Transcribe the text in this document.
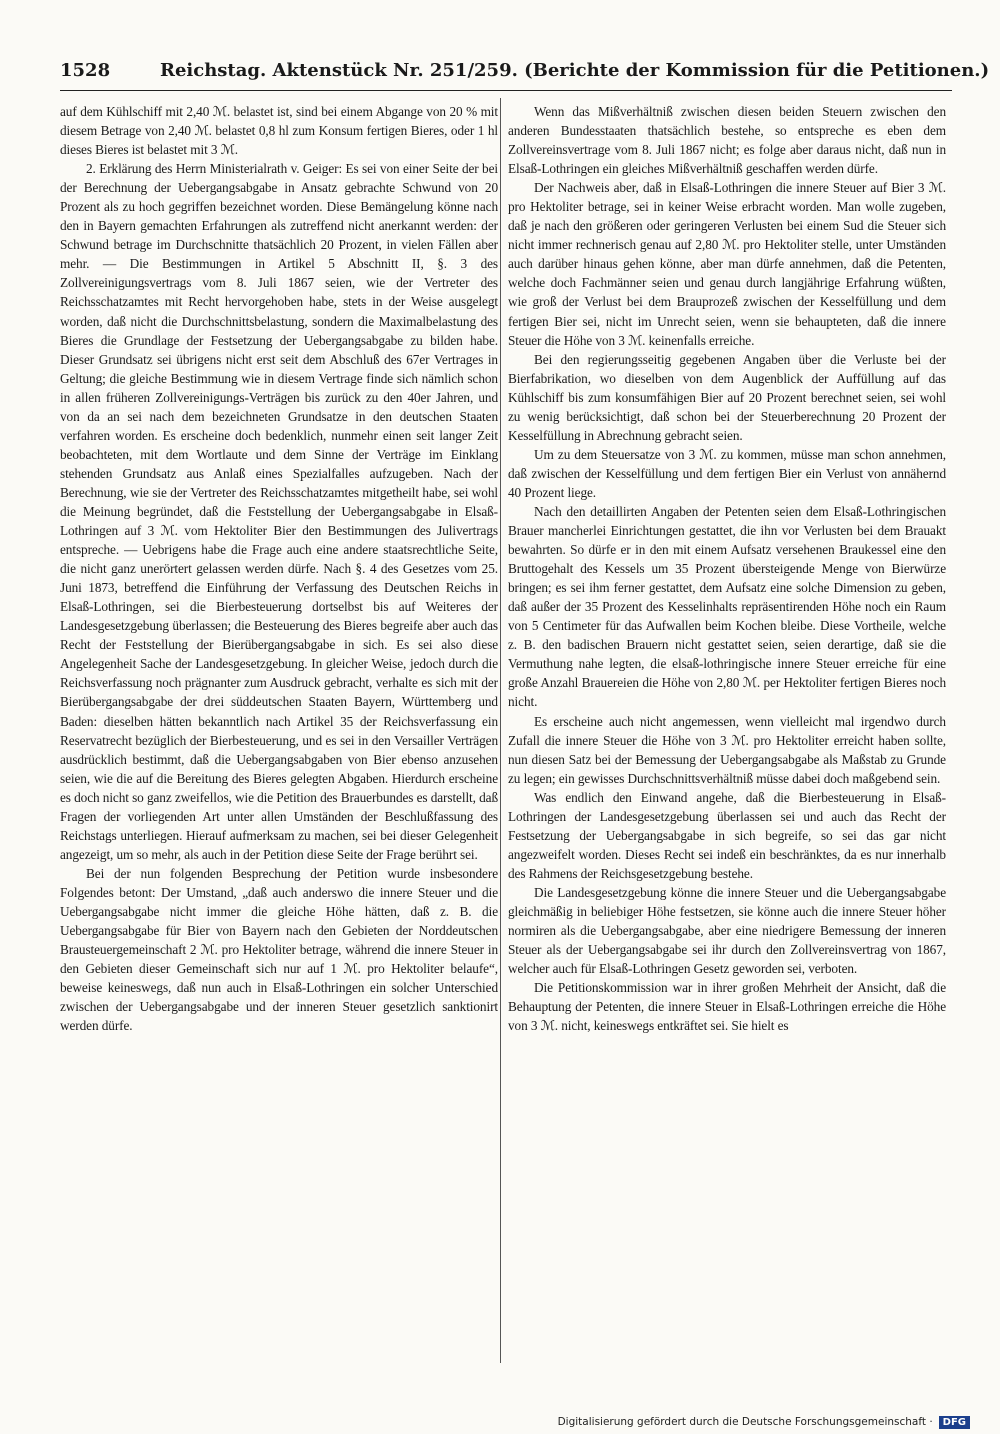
1528	Reichstag. Aktenstück Nr. 251/259. (Berichte der Kommission für die Petitionen.)

auf dem Kühlschiff mit 2,40 ℳ. belastet ist, sind bei einem Abgange von 20 % mit diesem Betrage von 2,40 ℳ. belastet 0,8 hl zum Konsum fertigen Bieres, oder 1 hl dieses Bieres ist belastet mit 3 ℳ.

2. Erklärung des Herrn Ministerialrath v. Geiger: Es sei von einer Seite der bei der Berechnung der Uebergangsabgabe in Ansatz gebrachte Schwund von 20 Prozent als zu hoch gegriffen bezeichnet worden. Diese Bemängelung könne nach den in Bayern gemachten Erfahrungen als zutreffend nicht anerkannt werden: der Schwund betrage im Durchschnitte thatsächlich 20 Prozent, in vielen Fällen aber mehr. — Die Bestimmungen in Artikel 5 Abschnitt II, §. 3 des Zollvereinigungsvertrags vom 8. Juli 1867 seien, wie der Vertreter des Reichsschatzamtes mit Recht hervorgehoben habe, stets in der Weise ausgelegt worden, daß nicht die Durchschnittsbelastung, sondern die Maximalbelastung des Bieres die Grundlage der Festsetzung der Uebergangsabgabe zu bilden habe. Dieser Grundsatz sei übrigens nicht erst seit dem Abschluß des 67er Vertrages in Geltung; die gleiche Bestimmung wie in diesem Vertrage finde sich nämlich schon in allen früheren Zollvereinigungs-Verträgen bis zurück zu den 40er Jahren, und von da an sei nach dem bezeichneten Grundsatze in den deutschen Staaten verfahren worden. Es erscheine doch bedenklich, nunmehr einen seit langer Zeit beobachteten, mit dem Wortlaute und dem Sinne der Verträge im Einklang stehenden Grundsatz aus Anlaß eines Spezialfalles aufzugeben. Nach der Berechnung, wie sie der Vertreter des Reichsschatzamtes mitgetheilt habe, sei wohl die Meinung begründet, daß die Feststellung der Uebergangsabgabe in Elsaß-Lothringen auf 3 ℳ. vom Hektoliter Bier den Bestimmungen des Julivertrags entspreche. — Uebrigens habe die Frage auch eine andere staatsrechtliche Seite, die nicht ganz unerörtert gelassen werden dürfe. Nach §. 4 des Gesetzes vom 25. Juni 1873, betreffend die Einführung der Verfassung des Deutschen Reichs in Elsaß-Lothringen, sei die Bierbesteuerung dortselbst bis auf Weiteres der Landesgesetzgebung überlassen; die Besteuerung des Bieres begreife aber auch das Recht der Feststellung der Bierübergangsabgabe in sich. Es sei also diese Angelegenheit Sache der Landesgesetzgebung. In gleicher Weise, jedoch durch die Reichsverfassung noch prägnanter zum Ausdruck gebracht, verhalte es sich mit der Bierübergangsabgabe der drei süddeutschen Staaten Bayern, Württemberg und Baden: dieselben hätten bekanntlich nach Artikel 35 der Reichsverfassung ein Reservatrecht bezüglich der Bierbesteuerung, und es sei in den Versailler Verträgen ausdrücklich bestimmt, daß die Uebergangsabgaben von Bier ebenso anzusehen seien, wie die auf die Bereitung des Bieres gelegten Abgaben. Hierdurch erscheine es doch nicht so ganz zweifellos, wie die Petition des Brauerbundes es darstellt, daß Fragen der vorliegenden Art unter allen Umständen der Beschlußfassung des Reichstags unterliegen. Hierauf aufmerksam zu machen, sei bei dieser Gelegenheit angezeigt, um so mehr, als auch in der Petition diese Seite der Frage berührt sei.

Bei der nun folgenden Besprechung der Petition wurde insbesondere Folgendes betont: Der Umstand, „daß auch anderswo die innere Steuer und die Uebergangsabgabe nicht immer die gleiche Höhe hätten, daß z. B. die Uebergangsabgabe für Bier von Bayern nach den Gebieten der Norddeutschen Brausteuergemeinschaft 2 ℳ. pro Hektoliter betrage, während die innere Steuer in den Gebieten dieser Gemeinschaft sich nur auf 1 ℳ. pro Hektoliter belaufe“, beweise keineswegs, daß nun auch in Elsaß-Lothringen ein solcher Unterschied zwischen der Uebergangsabgabe und der inneren Steuer gesetzlich sanktionirt werden dürfe.

Wenn das Mißverhältniß zwischen diesen beiden Steuern zwischen den anderen Bundesstaaten thatsächlich bestehe, so entspreche es eben dem Zollvereinsvertrage vom 8. Juli 1867 nicht; es folge aber daraus nicht, daß nun in Elsaß-Lothringen ein gleiches Mißverhältniß geschaffen werden dürfe.

Der Nachweis aber, daß in Elsaß-Lothringen die innere Steuer auf Bier 3 ℳ. pro Hektoliter betrage, sei in keiner Weise erbracht worden. Man wolle zugeben, daß je nach den größeren oder geringeren Verlusten bei einem Sud die Steuer sich nicht immer rechnerisch genau auf 2,80 ℳ. pro Hektoliter stelle, unter Umständen auch darüber hinaus gehen könne, aber man dürfe annehmen, daß die Petenten, welche doch Fachmänner seien und genau durch langjährige Erfahrung wüßten, wie groß der Verlust bei dem Brauprozeß zwischen der Kesselfüllung und dem fertigen Bier sei, nicht im Unrecht seien, wenn sie behaupteten, daß die innere Steuer die Höhe von 3 ℳ. keinenfalls erreiche.

Bei den regierungsseitig gegebenen Angaben über die Verluste bei der Bierfabrikation, wo dieselben von dem Augenblick der Auffüllung auf das Kühlschiff bis zum konsumfähigen Bier auf 20 Prozent berechnet seien, sei wohl zu wenig berücksichtigt, daß schon bei der Steuerberechnung 20 Prozent der Kesselfüllung in Abrechnung gebracht seien.

Um zu dem Steuersatze von 3 ℳ. zu kommen, müsse man schon annehmen, daß zwischen der Kesselfüllung und dem fertigen Bier ein Verlust von annähernd 40 Prozent liege.

Nach den detaillirten Angaben der Petenten seien dem Elsaß-Lothringischen Brauer mancherlei Einrichtungen gestattet, die ihn vor Verlusten bei dem Brauakt bewahrten. So dürfe er in den mit einem Aufsatz versehenen Braukessel eine den Bruttogehalt des Kessels um 35 Prozent übersteigende Menge von Bierwürze bringen; es sei ihm ferner gestattet, dem Aufsatz eine solche Dimension zu geben, daß außer der 35 Prozent des Kesselinhalts repräsentirenden Höhe noch ein Raum von 5 Centimeter für das Aufwallen beim Kochen bleibe. Diese Vortheile, welche z. B. den badischen Brauern nicht gestattet seien, seien derartige, daß sie die Vermuthung nahe legten, die elsaß-lothringische innere Steuer erreiche für eine große Anzahl Brauereien die Höhe von 2,80 ℳ. per Hektoliter fertigen Bieres noch nicht.

Es erscheine auch nicht angemessen, wenn vielleicht mal irgendwo durch Zufall die innere Steuer die Höhe von 3 ℳ. pro Hektoliter erreicht haben sollte, nun diesen Satz bei der Bemessung der Uebergangsabgabe als Maßstab zu Grunde zu legen; ein gewisses Durchschnittsverhältniß müsse dabei doch maßgebend sein.

Was endlich den Einwand angehe, daß die Bierbesteuerung in Elsaß-Lothringen der Landesgesetzgebung überlassen sei und auch das Recht der Festsetzung der Uebergangsabgabe in sich begreife, so sei das gar nicht angezweifelt worden. Dieses Recht sei indeß ein beschränktes, da es nur innerhalb des Rahmens der Reichsgesetzgebung bestehe.

Die Landesgesetzgebung könne die innere Steuer und die Uebergangsabgabe gleichmäßig in beliebiger Höhe festsetzen, sie könne auch die innere Steuer höher normiren als die Uebergangsabgabe, aber eine niedrigere Bemessung der inneren Steuer als der Uebergangsabgabe sei ihr durch den Zollvereinsvertrag von 1867, welcher auch für Elsaß-Lothringen Gesetz geworden sei, verboten.

Die Petitionskommission war in ihrer großen Mehrheit der Ansicht, daß die Behauptung der Petenten, die innere Steuer in Elsaß-Lothringen erreiche die Höhe von 3 ℳ. nicht, keineswegs entkräftet sei. Sie hielt es

Digitalisierung gefördert durch die Deutsche Forschungsgemeinschaft ·	DFG
